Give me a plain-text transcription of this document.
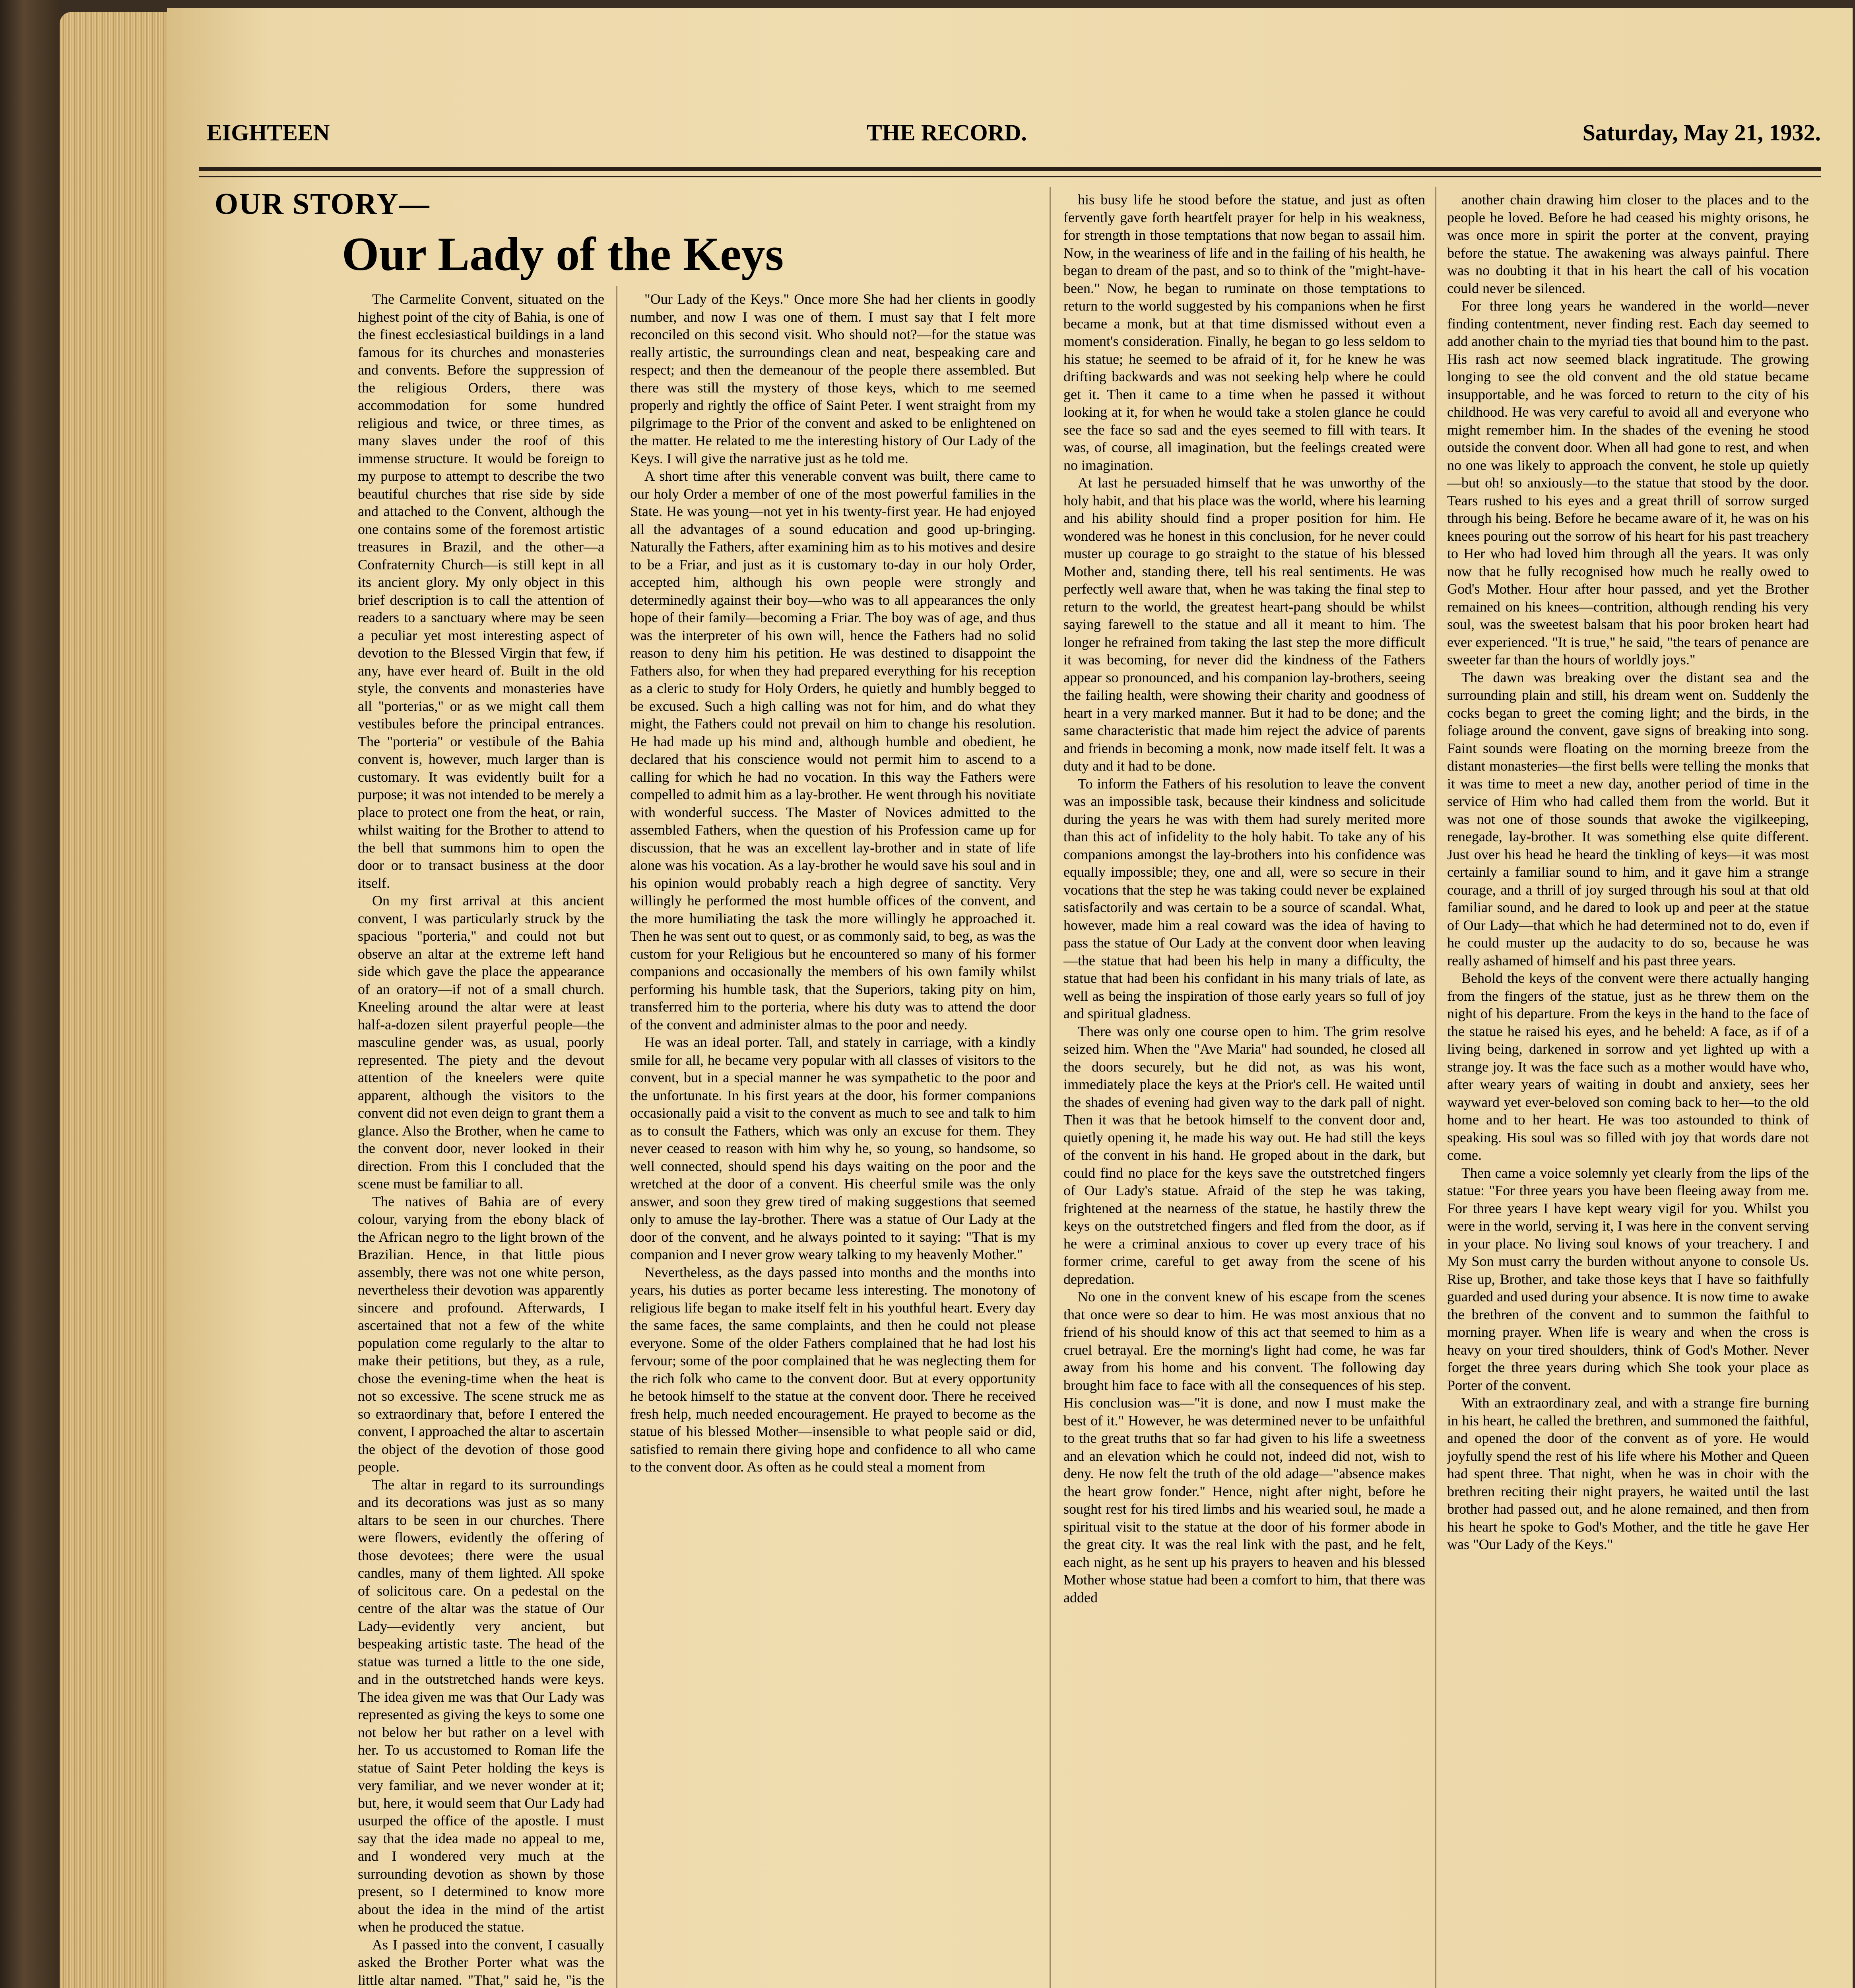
EIGHTEEN	THE RECORD.	Saturday, May 21, 1932.
OUR STORY—
Our Lady of the Keys

The Carmelite Convent, situated on the highest point of the city of Bahia, is one of the finest ecclesiastical buildings in a land famous for its churches and monasteries and convents. Before the suppression of the religious Orders, there was accommodation for some hundred religious and twice, or three times, as many slaves under the roof of this immense structure. It would be foreign to my purpose to attempt to describe the two beautiful churches that rise side by side and attached to the Convent, although the one contains some of the foremost artistic treasures in Brazil, and the other—a Confraternity Church—is still kept in all its ancient glory. My only object in this brief description is to call the attention of readers to a sanctuary where may be seen a peculiar yet most interesting aspect of devotion to the Blessed Virgin that few, if any, have ever heard of. Built in the old style, the convents and monasteries have all "porterias," or as we might call them vestibules before the principal entrances. The "porteria" or vestibule of the Bahia convent is, however, much larger than is customary. It was evidently built for a purpose; it was not intended to be merely a place to protect one from the heat, or rain, whilst waiting for the Brother to attend to the bell that summons him to open the door or to transact business at the door itself.

On my first arrival at this ancient convent, I was particularly struck by the spacious "porteria," and could not but observe an altar at the extreme left hand side which gave the place the appearance of an oratory—if not of a small church. Kneeling around the altar were at least half-a-dozen silent prayerful people—the masculine gender was, as usual, poorly represented. The piety and the devout attention of the kneelers were quite apparent, although the visitors to the convent did not even deign to grant them a glance. Also the Brother, when he came to the convent door, never looked in their direction. From this I concluded that the scene must be familiar to all.

The natives of Bahia are of every colour, varying from the ebony black of the African negro to the light brown of the Brazilian. Hence, in that little pious assembly, there was not one white person, nevertheless their devotion was apparently sincere and profound. Afterwards, I ascertained that not a few of the white population come regularly to the altar to make their petitions, but they, as a rule, chose the evening-time when the heat is not so excessive. The scene struck me as so extraordinary that, before I entered the convent, I approached the altar to ascertain the object of the devotion of those good people.

The altar in regard to its surroundings and its decorations was just as so many altars to be seen in our churches. There were flowers, evidently the offering of those devotees; there were the usual candles, many of them lighted. All spoke of solicitous care. On a pedestal on the centre of the altar was the statue of Our Lady—evidently very ancient, but bespeaking artistic taste. The head of the statue was turned a little to the one side, and in the outstretched hands were keys. The idea given me was that Our Lady was represented as giving the keys to some one not below her but rather on a level with her. To us accustomed to Roman life the statue of Saint Peter holding the keys is very familiar, and we never wonder at it; but, here, it would seem that Our Lady had usurped the office of the apostle. I must say that the idea made no appeal to me, and I wondered very much at the surrounding devotion as shown by those present, so I determined to know more about the idea in the mind of the artist when he produced the statue.

As I passed into the convent, I casually asked the Brother Porter what was the little altar named. "That," said he, "is the

"Our Lady of the Keys." Once more She had her clients in goodly number, and now I was one of them. I must say that I felt more reconciled on this second visit. Who should not?—for the statue was really artistic, the surroundings clean and neat, bespeaking care and respect; and then the demeanour of the people there assembled. But there was still the mystery of those keys, which to me seemed properly and rightly the office of Saint Peter. I went straight from my pilgrimage to the Prior of the convent and asked to be enlightened on the matter. He related to me the interesting history of Our Lady of the Keys. I will give the narrative just as he told me.

A short time after this venerable convent was built, there came to our holy Order a member of one of the most powerful families in the State. He was young—not yet in his twenty-first year. He had enjoyed all the advantages of a sound education and good up-bringing. Naturally the Fathers, after examining him as to his motives and desire to be a Friar, and just as it is customary to-day in our holy Order, accepted him, although his own people were strongly and determinedly against their boy—who was to all appearances the only hope of their family—becoming a Friar. The boy was of age, and thus was the interpreter of his own will, hence the Fathers had no solid reason to deny him his petition. He was destined to disappoint the Fathers also, for when they had prepared everything for his reception as a cleric to study for Holy Orders, he quietly and humbly begged to be excused. Such a high calling was not for him, and do what they might, the Fathers could not prevail on him to change his resolution. He had made up his mind and, although humble and obedient, he declared that his conscience would not permit him to ascend to a calling for which he had no vocation. In this way the Fathers were compelled to admit him as a lay-brother. He went through his novitiate with wonderful success. The Master of Novices admitted to the assembled Fathers, when the question of his Profession came up for discussion, that he was an excellent lay-brother and in state of life alone was his vocation. As a lay-brother he would save his soul and in his opinion would probably reach a high degree of sanctity. Very willingly he performed the most humble offices of the convent, and the more humiliating the task the more willingly he approached it. Then he was sent out to quest, or as commonly said, to beg, as was the custom for your Religious but he encountered so many of his former companions and occasionally the members of his own family whilst performing his humble task, that the Superiors, taking pity on him, transferred him to the porteria, where his duty was to attend the door of the convent and administer almas to the poor and needy.

He was an ideal porter. Tall, and stately in carriage, with a kindly smile for all, he became very popular with all classes of visitors to the convent, but in a special manner he was sympathetic to the poor and the unfortunate. In his first years at the door, his former companions occasionally paid a visit to the convent as much to see and talk to him as to consult the Fathers, which was only an excuse for them. They never ceased to reason with him why he, so young, so handsome, so well connected, should spend his days waiting on the poor and the wretched at the door of a convent. His cheerful smile was the only answer, and soon they grew tired of making suggestions that seemed only to amuse the lay-brother. There was a statue of Our Lady at the door of the convent, and he always pointed to it saying: "That is my companion and I never grow weary talking to my heavenly Mother."

Nevertheless, as the days passed into months and the months into years, his duties as porter became less interesting. The monotony of religious life began to make itself felt in his youthful heart. Every day the same faces, the same complaints, and then he could not please everyone. Some of the older Fathers complained that he had lost his fervour; some of the poor complained that he was neglecting them for the rich folk who came to the convent door. But at every opportunity he betook himself to the statue at the convent door. There he received fresh help, much needed encouragement. He prayed to become as the statue of his blessed Mother—insensible to what people said or did, satisfied to remain there giving hope and confidence to all who came to the convent door. As often as he could steal a moment from

his busy life he stood before the statue, and just as often fervently gave forth heartfelt prayer for help in his weakness, for strength in those temptations that now began to assail him. Now, in the weariness of life and in the failing of his health, he began to dream of the past, and so to think of the "might-have-been." Now, he began to ruminate on those temptations to return to the world suggested by his companions when he first became a monk, but at that time dismissed without even a moment's consideration. Finally, he began to go less seldom to his statue; he seemed to be afraid of it, for he knew he was drifting backwards and was not seeking help where he could get it. Then it came to a time when he passed it without looking at it, for when he would take a stolen glance he could see the face so sad and the eyes seemed to fill with tears. It was, of course, all imagination, but the feelings created were no imagination.

At last he persuaded himself that he was unworthy of the holy habit, and that his place was the world, where his learning and his ability should find a proper position for him. He wondered was he honest in this conclusion, for he never could muster up courage to go straight to the statue of his blessed Mother and, standing there, tell his real sentiments. He was perfectly well aware that, when he was taking the final step to return to the world, the greatest heart-pang should be whilst saying farewell to the statue and all it meant to him. The longer he refrained from taking the last step the more difficult it was becoming, for never did the kindness of the Fathers appear so pronounced, and his companion lay-brothers, seeing the failing health, were showing their charity and goodness of heart in a very marked manner. But it had to be done; and the same characteristic that made him reject the advice of parents and friends in becoming a monk, now made itself felt. It was a duty and it had to be done.

To inform the Fathers of his resolution to leave the convent was an impossible task, because their kindness and solicitude during the years he was with them had surely merited more than this act of infidelity to the holy habit. To take any of his companions amongst the lay-brothers into his confidence was equally impossible; they, one and all, were so secure in their vocations that the step he was taking could never be explained satisfactorily and was certain to be a source of scandal. What, however, made him a real coward was the idea of having to pass the statue of Our Lady at the convent door when leaving—the statue that had been his help in many a difficulty, the statue that had been his confidant in his many trials of late, as well as being the inspiration of those early years so full of joy and spiritual gladness.

There was only one course open to him. The grim resolve seized him. When the "Ave Maria" had sounded, he closed all the doors securely, but he did not, as was his wont, immediately place the keys at the Prior's cell. He waited until the shades of evening had given way to the dark pall of night. Then it was that he betook himself to the convent door and, quietly opening it, he made his way out. He had still the keys of the convent in his hand. He groped about in the dark, but could find no place for the keys save the outstretched fingers of Our Lady's statue. Afraid of the step he was taking, frightened at the nearness of the statue, he hastily threw the keys on the outstretched fingers and fled from the door, as if he were a criminal anxious to cover up every trace of his former crime, careful to get away from the scene of his depredation.

No one in the convent knew of his escape from the scenes that once were so dear to him. He was most anxious that no friend of his should know of this act that seemed to him as a cruel betrayal. Ere the morning's light had come, he was far away from his home and his convent. The following day brought him face to face with all the consequences of his step. His conclusion was—"it is done, and now I must make the best of it." However, he was determined never to be unfaithful to the great truths that so far had given to his life a sweetness and an elevation which he could not, indeed did not, wish to deny. He now felt the truth of the old adage—"absence makes the heart grow fonder." Hence, night after night, before he sought rest for his tired limbs and his wearied soul, he made a spiritual visit to the statue at the door of his former abode in the great city. It was the real link with the past, and he felt, each night, as he sent up his prayers to heaven and his blessed Mother whose statue had been a comfort to him, that there was added

another chain drawing him closer to the places and to the people he loved. Before he had ceased his mighty orisons, he was once more in spirit the porter at the convent, praying before the statue. The awakening was always painful. There was no doubting it that in his heart the call of his vocation could never be silenced.

For three long years he wandered in the world—never finding contentment, never finding rest. Each day seemed to add another chain to the myriad ties that bound him to the past. His rash act now seemed black ingratitude. The growing longing to see the old convent and the old statue became insupportable, and he was forced to return to the city of his childhood. He was very careful to avoid all and everyone who might remember him. In the shades of the evening he stood outside the convent door. When all had gone to rest, and when no one was likely to approach the convent, he stole up quietly—but oh! so anxiously—to the statue that stood by the door. Tears rushed to his eyes and a great thrill of sorrow surged through his being. Before he became aware of it, he was on his knees pouring out the sorrow of his heart for his past treachery to Her who had loved him through all the years. It was only now that he fully recognised how much he really owed to God's Mother. Hour after hour passed, and yet the Brother remained on his knees—contrition, although rending his very soul, was the sweetest balsam that his poor broken heart had ever experienced. "It is true," he said, "the tears of penance are sweeter far than the hours of worldly joys."

The dawn was breaking over the distant sea and the surrounding plain and still, his dream went on. Suddenly the cocks began to greet the coming light; and the birds, in the foliage around the convent, gave signs of breaking into song. Faint sounds were floating on the morning breeze from the distant monasteries—the first bells were telling the monks that it was time to meet a new day, another period of time in the service of Him who had called them from the world. But it was not one of those sounds that awoke the vigilkeeping, renegade, lay-brother. It was something else quite different. Just over his head he heard the tinkling of keys—it was most certainly a familiar sound to him, and it gave him a strange courage, and a thrill of joy surged through his soul at that old familiar sound, and he dared to look up and peer at the statue of Our Lady—that which he had determined not to do, even if he could muster up the audacity to do so, because he was really ashamed of himself and his past three years.

Behold the keys of the convent were there actually hanging from the fingers of the statue, just as he threw them on the night of his departure. From the keys in the hand to the face of the statue he raised his eyes, and he beheld: A face, as if of a living being, darkened in sorrow and yet lighted up with a strange joy. It was the face such as a mother would have who, after weary years of waiting in doubt and anxiety, sees her wayward yet ever-beloved son coming back to her—to the old home and to her heart. He was too astounded to think of speaking. His soul was so filled with joy that words dare not come.

Then came a voice solemnly yet clearly from the lips of the statue: "For three years you have been fleeing away from me. For three years I have kept weary vigil for you. Whilst you were in the world, serving it, I was here in the convent serving in your place. No living soul knows of your treachery. I and My Son must carry the burden without anyone to console Us. Rise up, Brother, and take those keys that I have so faithfully guarded and used during your absence. It is now time to awake the brethren of the convent and to summon the faithful to morning prayer. When life is weary and when the cross is heavy on your tired shoulders, think of God's Mother. Never forget the three years during which She took your place as Porter of the convent.

With an extraordinary zeal, and with a strange fire burning in his heart, he called the brethren, and summoned the faithful, and opened the door of the convent as of yore. He would joyfully spend the rest of his life where his Mother and Queen had spent three. That night, when he was in choir with the brethren reciting their night prayers, he waited until the last brother had passed out, and he alone remained, and then from his heart he spoke to God's Mother, and the title he gave Her was "Our Lady of the Keys."
